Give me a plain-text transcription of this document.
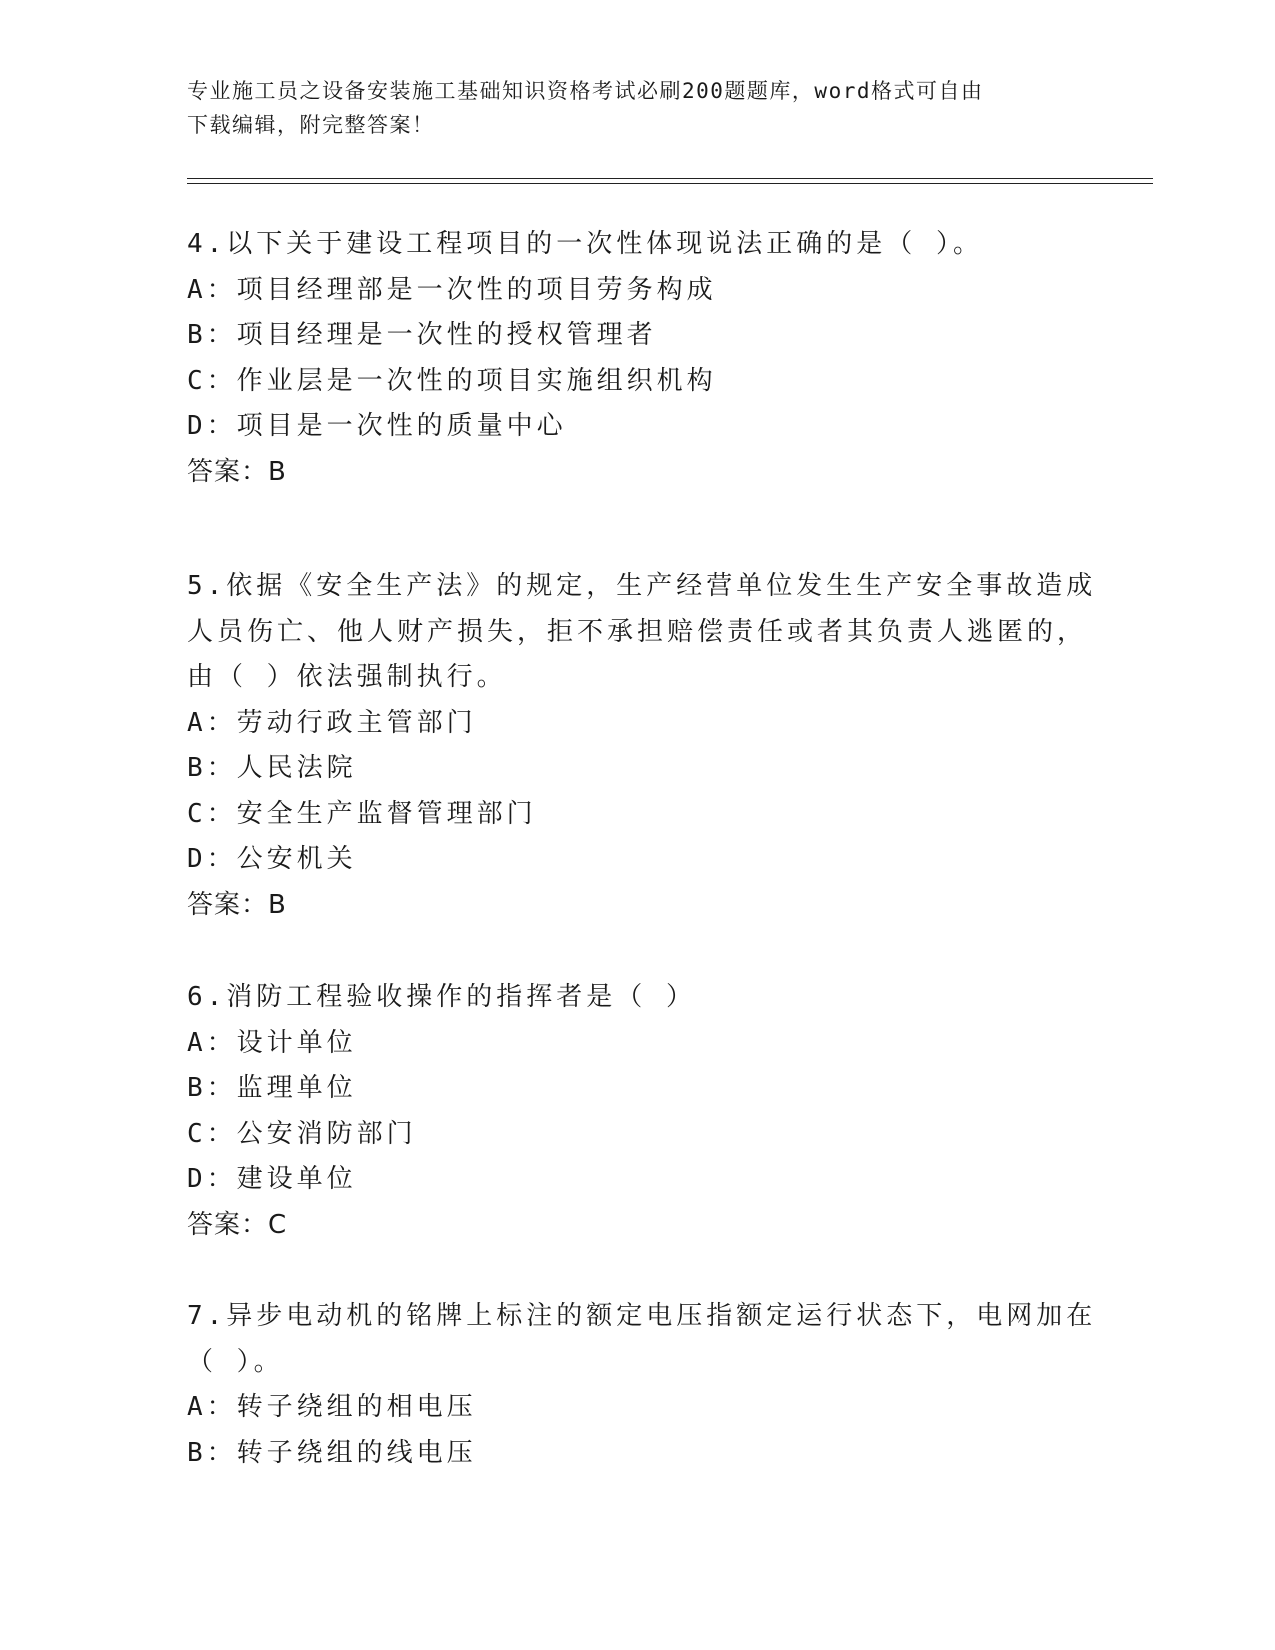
专业施工员之设备安装施工基础知识资格考试必刷200题题库，word格式可自由
下载编辑，附完整答案！
4.以下关于建设工程项目的一次性体现说法正确的是（ ）。
A：项目经理部是一次性的项目劳务构成
B：项目经理是一次性的授权管理者
C：作业层是一次性的项目实施组织机构
D：项目是一次性的质量中心
答案：B
5.依据《安全生产法》的规定，生产经营单位发生生产安全事故造成
人员伤亡、他人财产损失，拒不承担赔偿责任或者其负责人逃匿的，
由（ ）依法强制执行。
A：劳动行政主管部门
B：人民法院
C：安全生产监督管理部门
D：公安机关
答案：B
6.消防工程验收操作的指挥者是（ ）
A：设计单位
B：监理单位
C：公安消防部门
D：建设单位
答案：C
7.异步电动机的铭牌上标注的额定电压指额定运行状态下，电网加在
（ ）。
A：转子绕组的相电压
B：转子绕组的线电压
